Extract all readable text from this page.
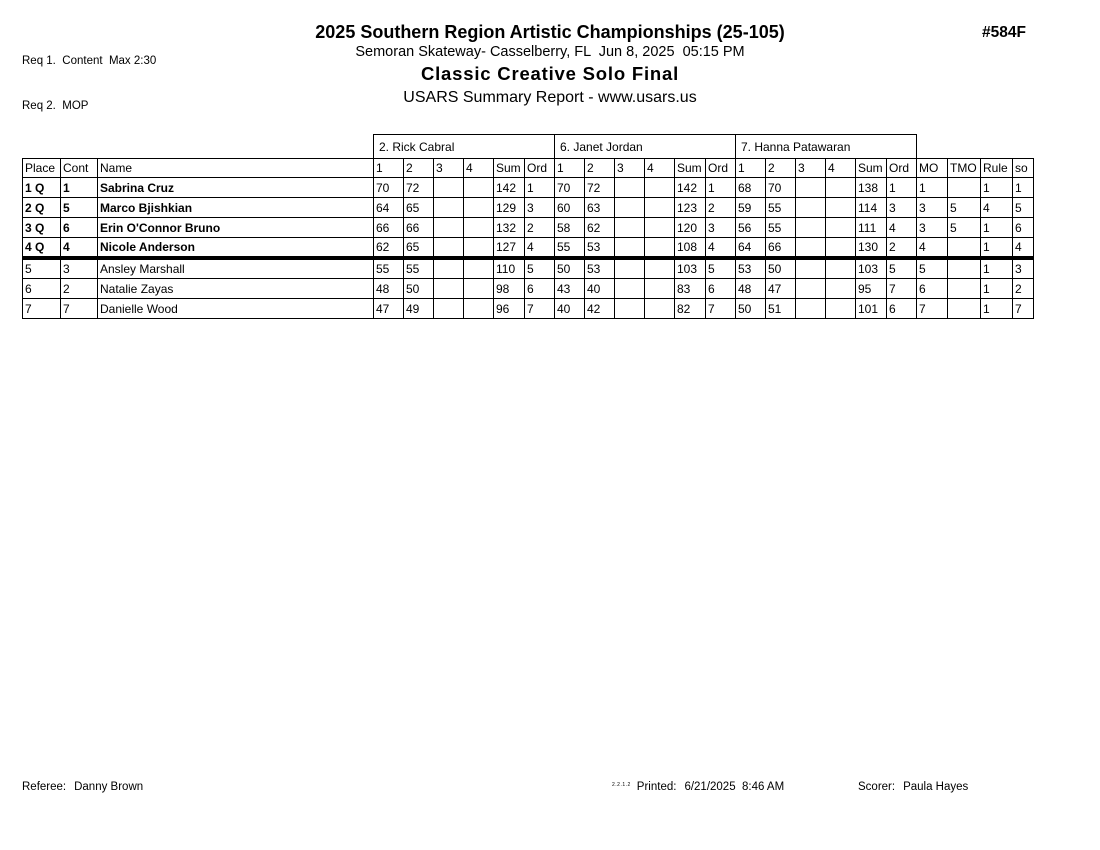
Req 1.  Content  Max 2:30

Req 2.  MOP

2025 Southern Region Artistic Championships (25-105)
Semoran Skateway- Casselberry, FL  Jun 8, 2025  05:15 PM
Classic Creative Solo Final
USARS Summary Report - www.usars.us
#584F
			2. Rick Cabral						6. Janet Jordan						7. Hanna Patawaran									
Place	Cont	Name	1	2	3	4	Sum	Ord	1	2	3	4	Sum	Ord	1	2	3	4	Sum	Ord	MO	TMO	Rule	so
1 Q	1	Sabrina Cruz	70	72			142	1	70	72			142	1	68	70			138	1	1		1	1
2 Q	5	Marco Bjishkian	64	65			129	3	60	63			123	2	59	55			114	3	3	5	4	5
3 Q	6	Erin O'Connor Bruno	66	66			132	2	58	62			120	3	56	55			111	4	3	5	1	6
4 Q	4	Nicole Anderson	62	65			127	4	55	53			108	4	64	66			130	2	4		1	4
5	3	Ansley Marshall	55	55			110	5	50	53			103	5	53	50			103	5	5		1	3
6	2	Natalie Zayas	48	50			98	6	43	40			83	6	48	47			95	7	6		1	2
7	7	Danielle Wood	47	49			96	7	40	42			82	7	50	51			101	6	7		1	7
Referee: Danny Brown	$^{2.2.1.2}$ Printed: 6/21/2025  8:46 AM	Scorer: Paula Hayes
